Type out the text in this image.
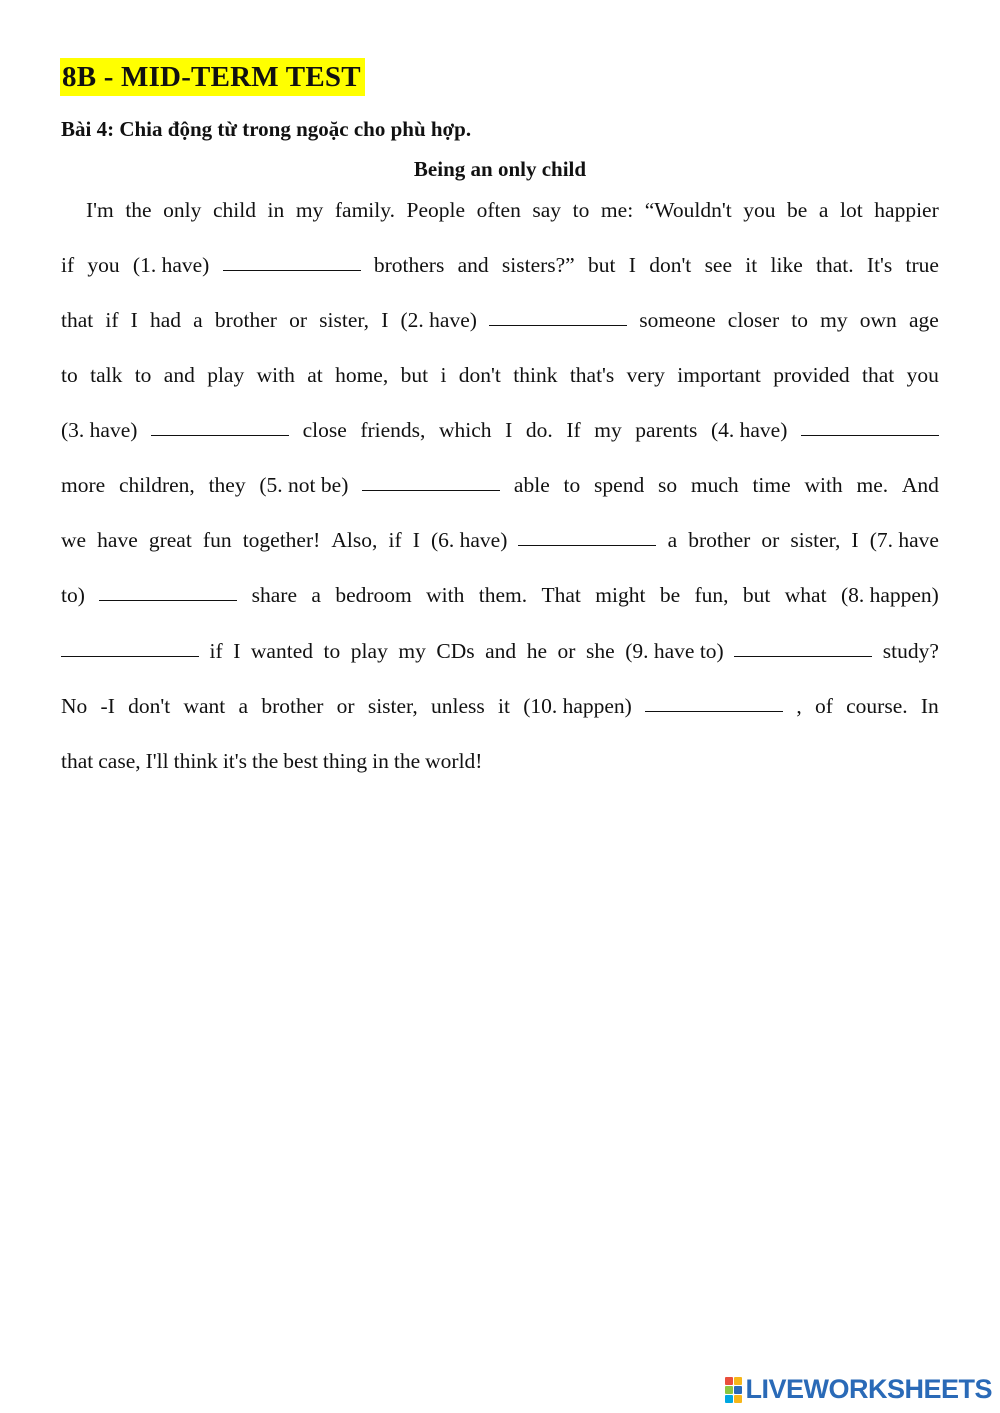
8B - MID-TERM TEST
Bài 4: Chia động từ trong ngoặc cho phù hợp.
Being an only child
I'm the only child in my family. People often say to me: “Wouldn't you be a lot happier
if you (1. have)	brothers and sisters?” but I don't see it like that. It's true
that if I had a brother or sister, I (2. have)	someone closer to my own age
to talk to and play with at home, but i don't think that's very important provided that you
(3. have)	close friends, which I do. If my parents (4. have)
more children, they (5. not be)	able to spend so much time with me. And
we have great fun together! Also, if I (6. have)	a brother or sister, I (7. have
to)	share a bedroom with them. That might be fun, but what (8. happen)
if I wanted to play my CDs and he or she (9. have to)	study?
No -I don't want a brother or sister, unless it (10. happen)	, of course. In
that case, I'll think it's the best thing in the world!
LIVEWORKSHEETS
